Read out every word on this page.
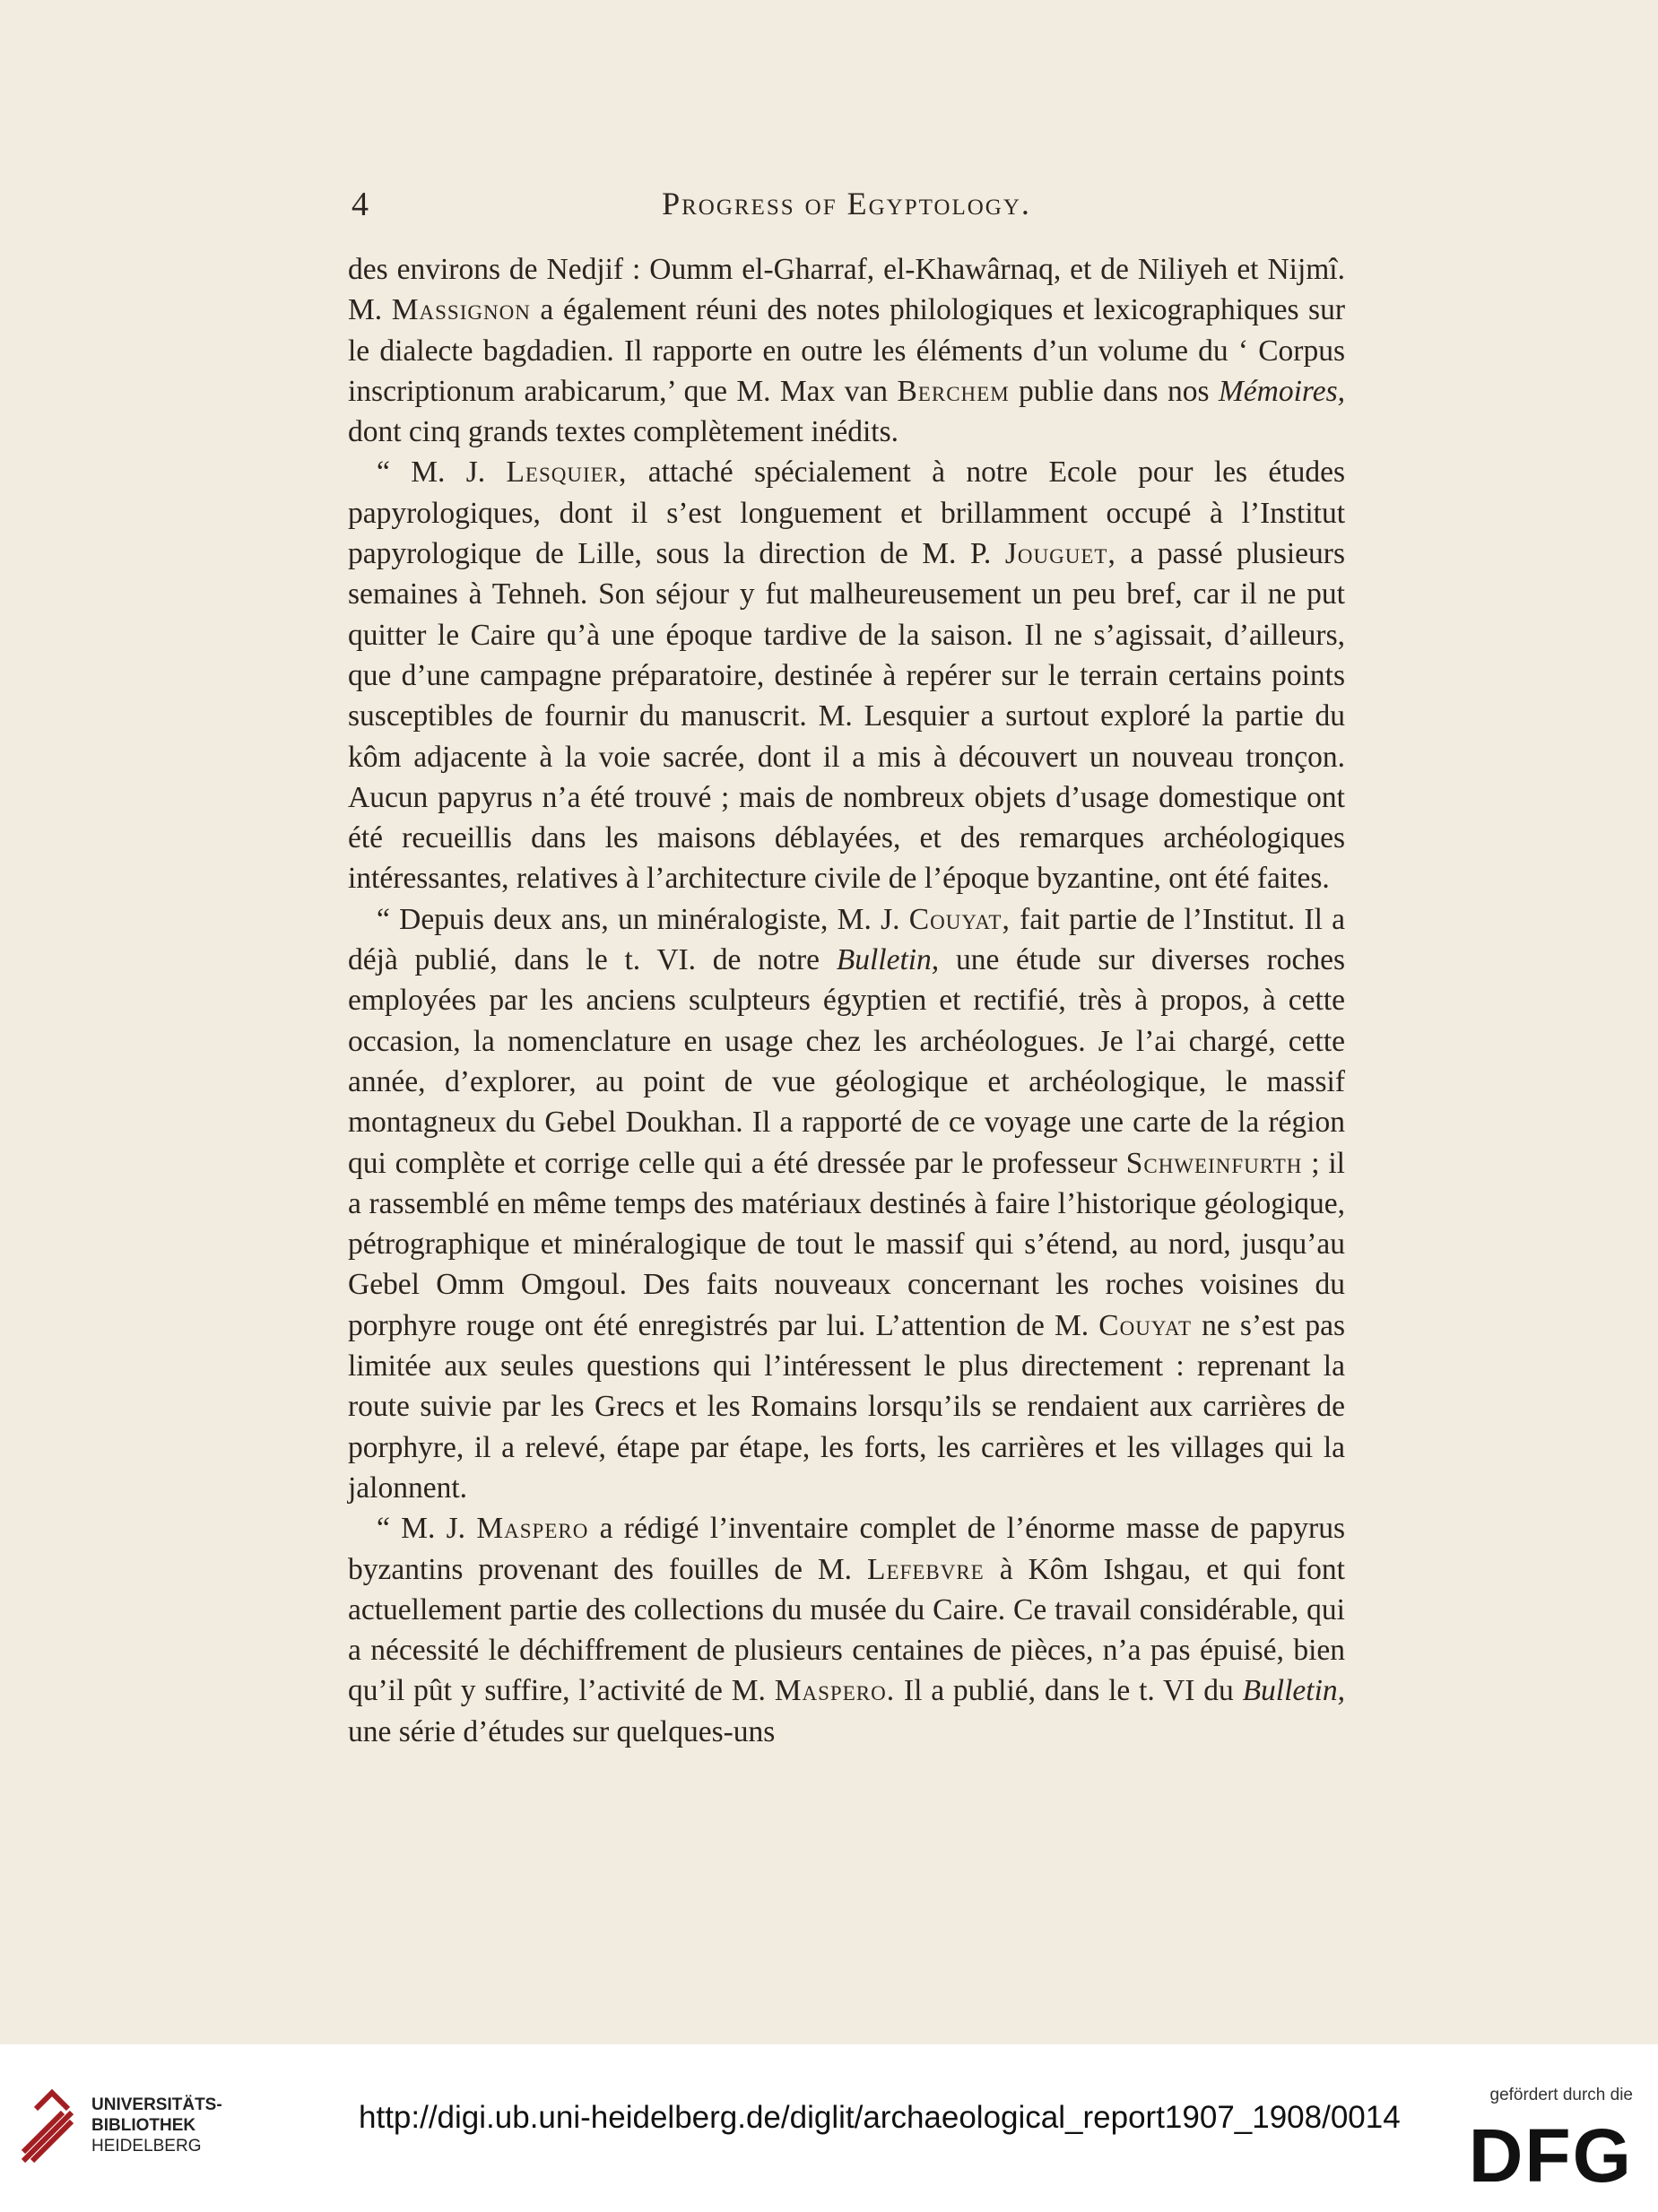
4	Progress of Egyptology.

des environs de Nedjif : Oumm el-Gharraf, el-Khawârnaq, et de Niliyeh et Nijmî. M. Massignon a également réuni des notes philologiques et lexicographiques sur le dialecte bagdadien. Il rapporte en outre les éléments d’un volume du ‘ Corpus inscriptionum arabicarum,’ que M. Max van Berchem publie dans nos Mémoires, dont cinq grands textes complètement inédits.

“ M. J. Lesquier, attaché spécialement à notre Ecole pour les études papyrologiques, dont il s’est longuement et brillamment occupé à l’Institut papyrologique de Lille, sous la direction de M. P. Jouguet, a passé plusieurs semaines à Tehneh. Son séjour y fut malheureusement un peu bref, car il ne put quitter le Caire qu’à une époque tardive de la saison. Il ne s’agissait, d’ailleurs, que d’une campagne préparatoire, destinée à repérer sur le terrain certains points susceptibles de fournir du manuscrit. M. Lesquier a surtout exploré la partie du kôm adjacente à la voie sacrée, dont il a mis à découvert un nouveau tronçon. Aucun papyrus n’a été trouvé ; mais de nombreux objets d’usage domestique ont été recueillis dans les maisons déblayées, et des remarques archéologiques intéressantes, relatives à l’architecture civile de l’époque byzantine, ont été faites.

“ Depuis deux ans, un minéralogiste, M. J. Couyat, fait partie de l’Institut. Il a déjà publié, dans le t. VI. de notre Bulletin, une étude sur diverses roches employées par les anciens sculpteurs égyptien et rectifié, très à propos, à cette occasion, la nomenclature en usage chez les archéologues. Je l’ai chargé, cette année, d’explorer, au point de vue géologique et archéologique, le massif montagneux du Gebel Doukhan. Il a rapporté de ce voyage une carte de la région qui complète et corrige celle qui a été dressée par le professeur Schweinfurth ; il a rassemblé en même temps des matériaux destinés à faire l’historique géologique, pétrographique et minéralogique de tout le massif qui s’étend, au nord, jusqu’au Gebel Omm Omgoul. Des faits nouveaux concernant les roches voisines du porphyre rouge ont été enregistrés par lui. L’attention de M. Couyat ne s’est pas limitée aux seules questions qui l’intéressent le plus directement : reprenant la route suivie par les Grecs et les Romains lorsqu’ils se rendaient aux carrières de porphyre, il a relevé, étape par étape, les forts, les carrières et les villages qui la jalonnent.

“ M. J. Maspero a rédigé l’inventaire complet de l’énorme masse de papyrus byzantins provenant des fouilles de M. Lefebvre à Kôm Ishgau, et qui font actuellement partie des collections du musée du Caire. Ce travail considérable, qui a nécessité le déchiffrement de plusieurs centaines de pièces, n’a pas épuisé, bien qu’il pût y suffire, l’activité de M. Maspero. Il a publié, dans le t. VI du Bulletin, une série d’études sur quelques-uns

UNIVERSITÄTS-
BIBLIOTHEK
HEIDELBERG
http://digi.ub.uni-heidelberg.de/diglit/archaeological_report1907_1908/0014
gefördert durch die
DFG
